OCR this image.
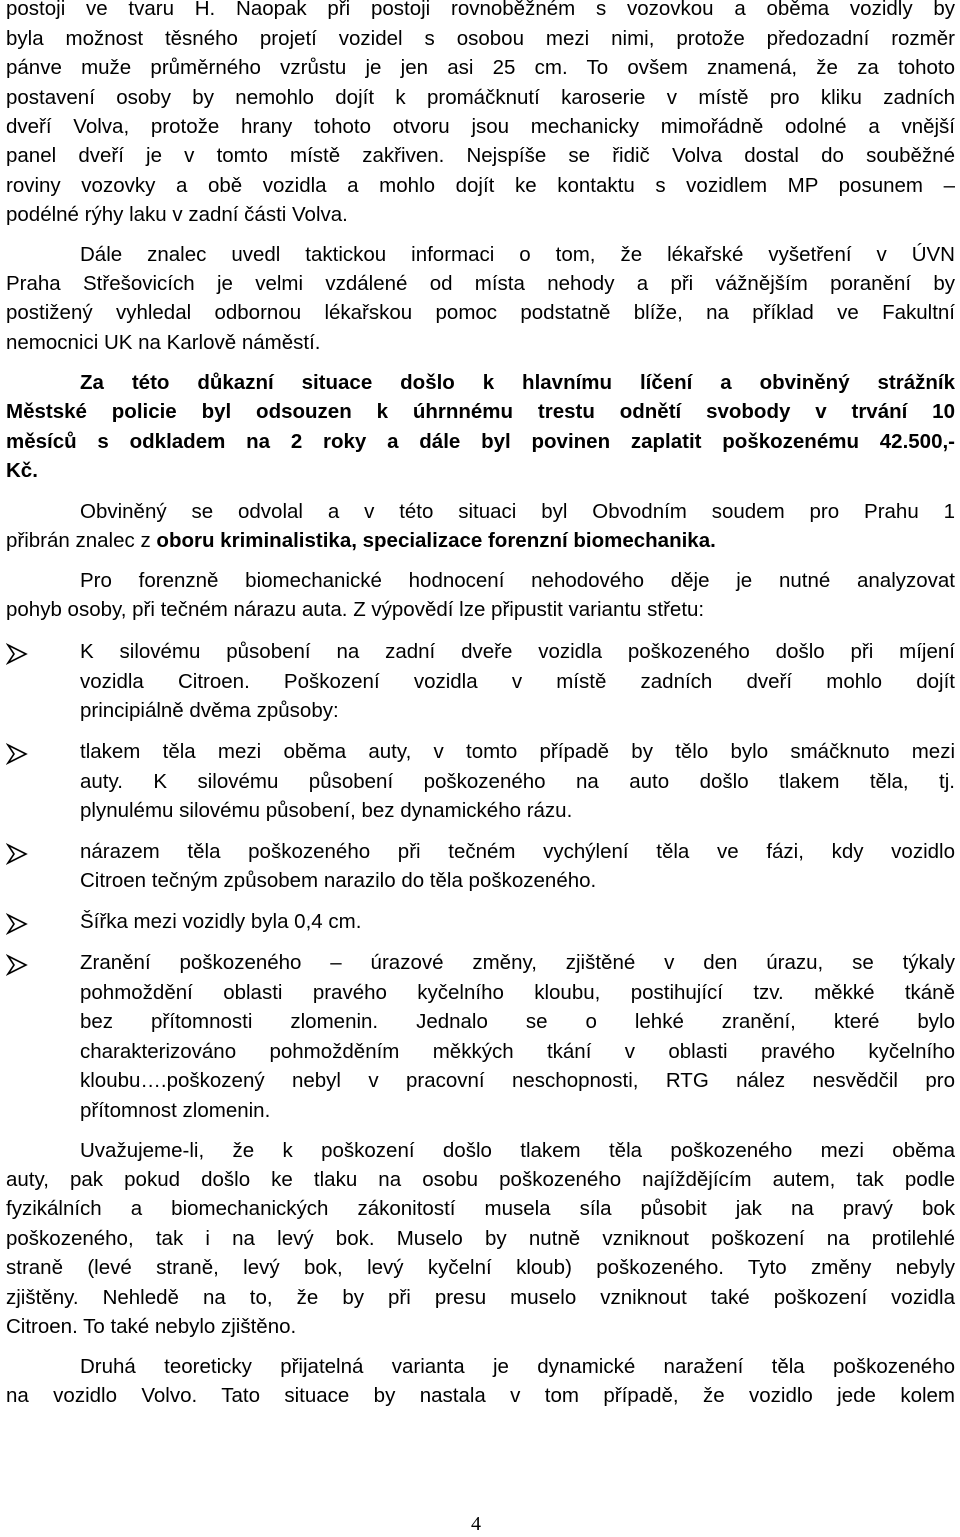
postoji ve tvaru H. Naopak při postoji rovnoběžném s vozovkou a oběma vozidly by
byla možnost těsného projetí vozidel s osobou mezi nimi, protože předozadní rozměr
pánve muže průměrného vzrůstu je jen asi 25 cm. To ovšem znamená, že za tohoto
postavení osoby by nemohlo dojít k promáčknutí karoserie v místě pro kliku zadních
dveří Volva, protože hrany tohoto otvoru jsou mechanicky mimořádně odolné a vnější
panel dveří je v tomto místě zakřiven. Nejspíše se řidič Volva dostal do souběžné
roviny vozovky a obě vozidla a mohlo dojít ke kontaktu s vozidlem MP posunem –
podélné rýhy laku v zadní části Volva.
Dále znalec uvedl taktickou informaci o tom, že lékařské vyšetření v ÚVN
Praha Střešovicích je velmi vzdálené od místa nehody a při vážnějším poranění by
postižený vyhledal odbornou lékařskou pomoc podstatně blíže, na příklad ve Fakultní
nemocnici UK na Karlově náměstí.
Za této důkazní situace došlo k hlavnímu líčení a obviněný strážník
Městské policie byl odsouzen k úhrnnému trestu odnětí svobody v trvání 10
měsíců s odkladem na 2 roky a dále byl povinen zaplatit poškozenému 42.500,-
Kč.
Obviněný se odvolal a v této situaci byl Obvodním soudem pro Prahu 1
přibrán znalec z oboru kriminalistika, specializace forenzní biomechanika.
Pro forenzně biomechanické hodnocení nehodového děje je nutné analyzovat
pohyb osoby, při tečném nárazu auta. Z výpovědí lze připustit variantu střetu:
K silovému působení na zadní dveře vozidla poškozeného došlo při míjení
vozidla Citroen. Poškození vozidla v místě zadních dveří mohlo dojít
principiálně dvěma způsoby:
tlakem těla mezi oběma auty, v tomto případě by tělo bylo smáčknuto mezi
auty. K silovému působení poškozeného na auto došlo tlakem těla, tj.
plynulému silovému působení, bez dynamického rázu.
nárazem těla poškozeného při tečném vychýlení těla ve fázi, kdy vozidlo
Citroen tečným způsobem narazilo do těla poškozeného.
Šířka mezi vozidly byla 0,4 cm.
Zranění poškozeného – úrazové změny, zjištěné v den úrazu, se týkaly
pohmoždění oblasti pravého kyčelního kloubu, postihující tzv. měkké tkáně
bez přítomnosti zlomenin. Jednalo se o lehké zranění, které bylo
charakterizováno pohmožděním měkkých tkání v oblasti pravého kyčelního
kloubu….poškozený nebyl v pracovní neschopnosti, RTG nález nesvědčil pro
přítomnost zlomenin.
Uvažujeme-li, že k poškození došlo tlakem těla poškozeného mezi oběma
auty, pak pokud došlo ke tlaku na osobu poškozeného najíždějícím autem, tak podle
fyzikálních a biomechanických zákonitostí musela síla působit jak na pravý bok
poškozeného, tak i na levý bok. Muselo by nutně vzniknout poškození na protilehlé
straně (levé straně, levý bok, levý kyčelní kloub) poškozeného. Tyto změny nebyly
zjištěny. Nehledě na to, že by při presu muselo vzniknout také poškození vozidla
Citroen. To také nebylo zjištěno.
Druhá teoreticky přijatelná varianta je dynamické naražení těla poškozeného
na vozidlo Volvo. Tato situace by nastala v tom případě, že vozidlo jede kolem
4
